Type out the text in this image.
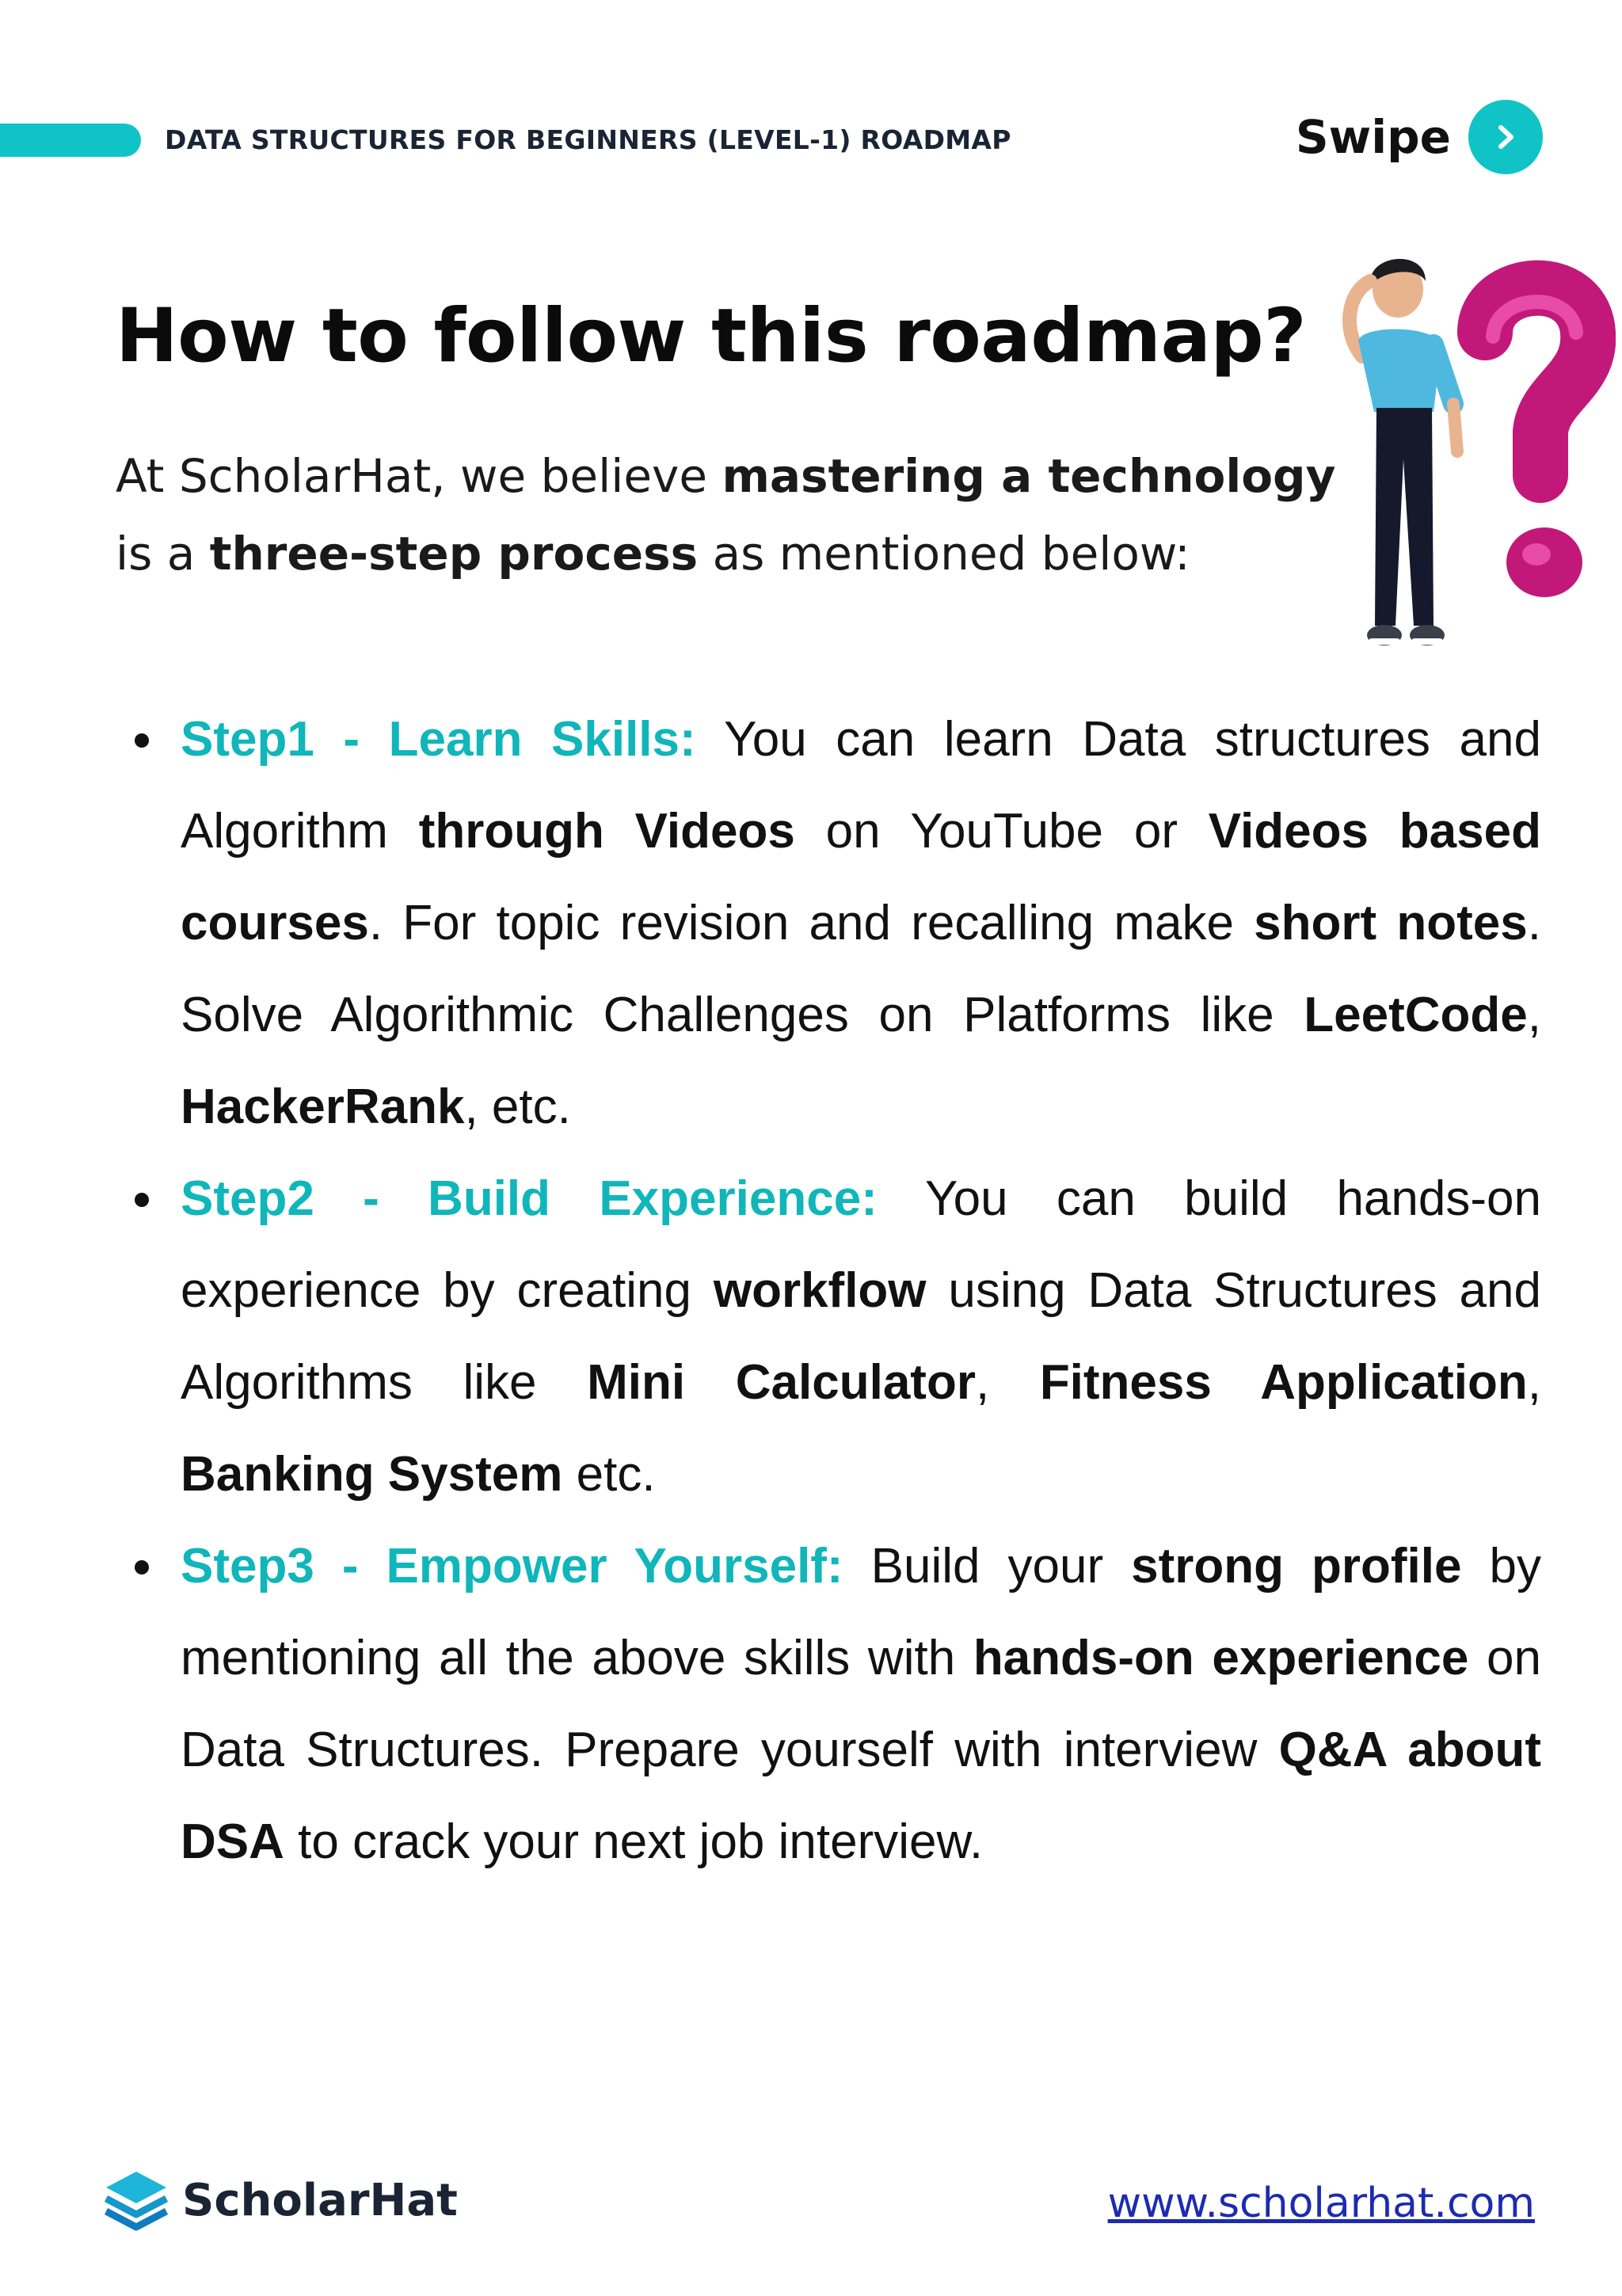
DATA STRUCTURES FOR BEGINNERS (LEVEL-1) ROADMAP	Swipe
How to follow this roadmap?

At ScholarHat, we believe mastering a technology is a three-step process as mentioned below:

Step1 - Learn Skills: You can learn Data structures and Algorithm through Videos on YouTube or Videos based courses. For topic revision and recalling make short notes. Solve Algorithmic Challenges on Platforms like LeetCode, HackerRank, etc.
Step2 - Build Experience: You can build hands-on experience by creating workflow using Data Structures and Algorithms like Mini Calculator, Fitness Application, Banking System etc.
Step3 - Empower Yourself: Build your strong profile by mentioning all the above skills with hands-on experience on Data Structures. Prepare yourself with interview Q&A about DSA to crack your next job interview.
ScholarHat	www.scholarhat.com
